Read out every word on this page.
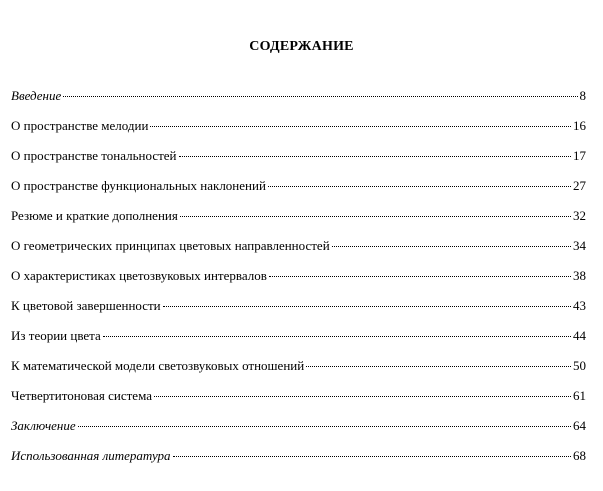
СОДЕРЖАНИЕ
Введение	8
О пространстве мелодии	16
О пространстве тональностей	17
О пространстве функциональных наклонений	27
Резюме и краткие дополнения	32
О геометрических принципах цветовых направленностей	34
О характеристиках цветозвуковых интервалов	38
К цветовой завершенности	43
Из теории цвета	44
К математической модели светозвуковых отношений	50
Четвертитоновая система	61
Заключение	64
Использованная литература	68
